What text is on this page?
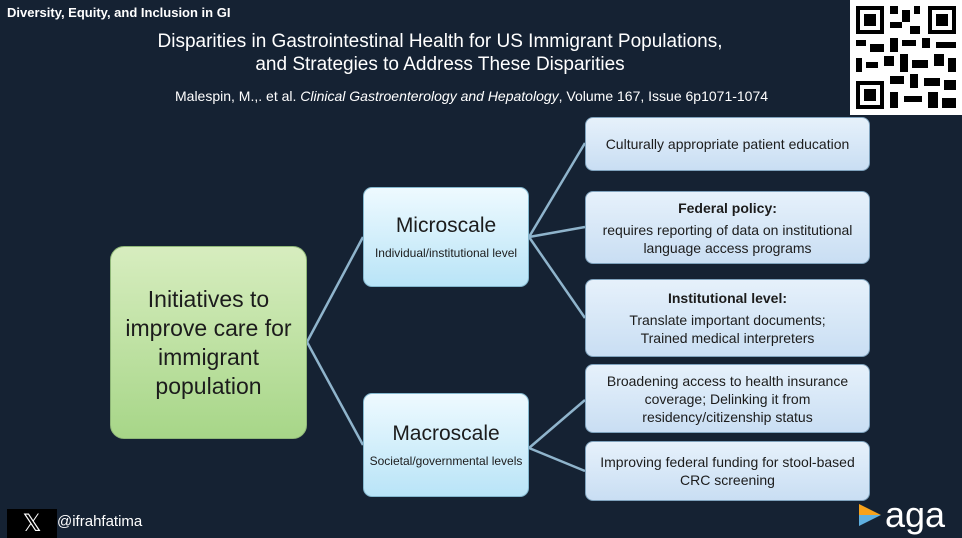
Diversity, Equity, and Inclusion in GI
Disparities in Gastrointestinal Health for US Immigrant Populations,
and Strategies to Address These Disparities
Malespin, M.,. et al. Clinical Gastroenterology and Hepatology, Volume 167, Issue 6p1071-1074
Initiatives to improve care for immigrant population
Microscale
Individual/institutional level
Macroscale
Societal/governmental levels
Culturally appropriate patient education
Federal policy:
requires reporting of data on institutional language access programs
Institutional level:
Translate important documents;
Trained medical interpreters
Broadening access to health insurance coverage; Delinking it from residency/citizenship status
Improving federal funding for stool-based CRC screening
𝕏	@ifrahfatima	aga
